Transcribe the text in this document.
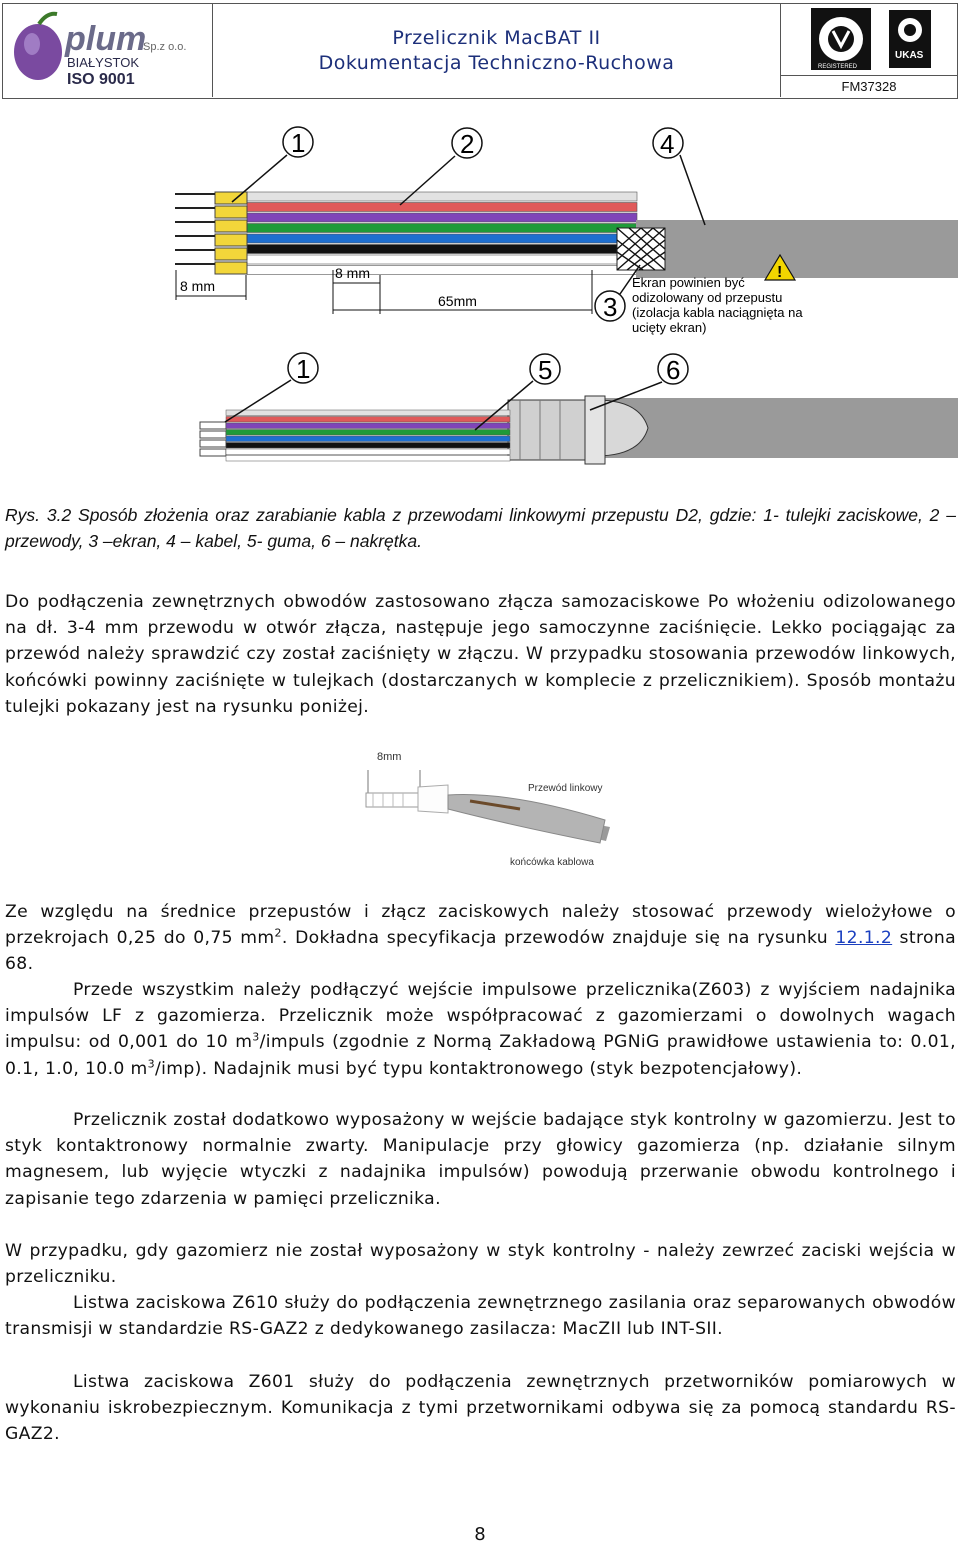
plum
Sp.z o.o.
BIAŁYSTOK
ISO 9001
Przelicznik MacBAT II
Dokumentacja Techniczno-Ruchowa	REGISTERED
UKAS
FM37328
1	2	4
3
8 mm
8 mm
65mm
!
Ekran powinien być
odizolowany od przepustu
(izolacja kabla naciągnięta na
ucięty ekran)
1	5	6
Rys. 3.2 Sposób złożenia oraz zarabianie kabla z przewodami linkowymi przepustu D2, gdzie: 1- tulejki zaciskowe, 2 – przewody, 3 –ekran, 4 – kabel, 5- guma, 6 – nakrętka.
Do podłączenia zewnętrznych obwodów zastosowano złącza samozaciskowe Po włożeniu odizolowanego na dł. 3-4 mm przewodu w otwór złącza, następuje jego samoczynne zaciśnięcie. Lekko pociągając za przewód należy sprawdzić czy został zaciśnięty w złączu. W przypadku stosowania przewodów linkowych, końcówki powinny zaciśnięte w tulejkach (dostarczanych w komplecie z przelicznikiem). Sposób montażu tulejki pokazany jest na rysunku poniżej.
8mm
Przewód linkowy
końcówka kablowa
Ze względu na średnice przepustów i złącz zaciskowych należy stosować przewody wielożyłowe o przekrojach 0,25 do 0,75 $mm^2$. Dokładna specyfikacja przewodów znajduje się na rysunku 12.1.2 strona 68.
Przede wszystkim należy podłączyć wejście impulsowe przelicznika(Z603) z wyjściem nadajnika impulsów LF z gazomierza. Przelicznik może współpracować z gazomierzami o dowolnych wagach impulsu: od 0,001 do 10 $m^3$/impuls (zgodnie z Normą Zakładową PGNiG prawidłowe ustawienia to: 0.01, 0.1, 1.0, 10.0 $m^3/imp$). Nadajnik musi być typu kontaktronowego (styk bezpotencjałowy).
Przelicznik został dodatkowo wyposażony w wejście badające styk kontrolny w gazomierzu. Jest to styk kontaktronowy normalnie zwarty. Manipulacje przy głowicy gazomierza (np. działanie silnym magnesem, lub wyjęcie wtyczki z nadajnika impulsów) powodują przerwanie obwodu kontrolnego i zapisanie tego zdarzenia w pamięci przelicznika.
W przypadku, gdy gazomierz nie został wyposażony w styk kontrolny - należy zewrzeć zaciski wejścia w przeliczniku.
Listwa zaciskowa Z610 służy do podłączenia zewnętrznego zasilania oraz separowanych obwodów transmisji w standardzie RS-GAZ2 z dedykowanego zasilacza: MacZII lub INT-SII.
Listwa zaciskowa Z601 służy do podłączenia zewnętrznych przetworników pomiarowych w wykonaniu iskrobezpiecznym. Komunikacja z tymi przetwornikami odbywa się za pomocą standardu RS-GAZ2.
8
